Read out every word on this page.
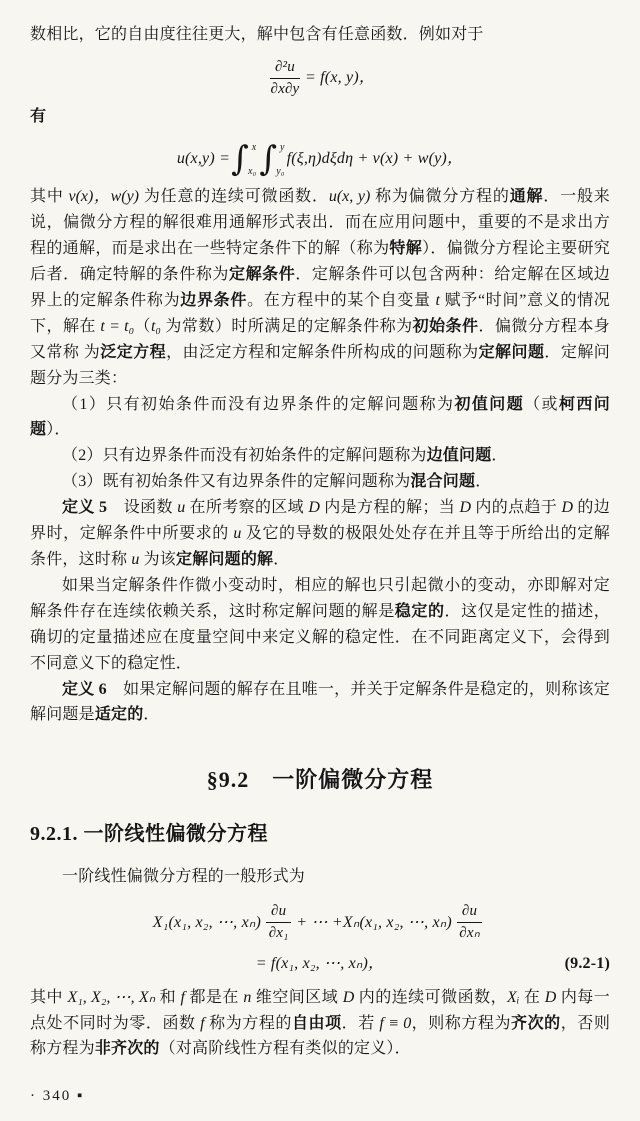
数相比，它的自由度往往更大，解中包含有任意函数．例如对于

$\frac{\text{∂²u}}{\partial x\partial y} = f(x$, y)，

有

u(x,y) = ∫ x
x₀ ∫ y
y₀
f(ξ,η)dξdη + v(x) + w(y)，

其中 v(x)，w(y) 为任意的连续可微函数．u(x, y) 称为偏微分方程的通解．一般来说，偏微分方程的解很难用通解形式表出．而在应用问题中，重要的不是求出方程的通解，而是求出在一些特定条件下的解（称为特解）．偏微分方程论主要研究后者．确定特解的条件称为定解条件．定解条件可以包含两种：给定解在区域边界上的定解条件称为边界条件。在方程中的某个自变量 t 赋予“时间”意义的情况下，解在 t = t₀（t₀ 为常数）时所满足的定解条件称为初始条件．偏微分方程本身又常称 为泛定方程，由泛定方程和定解条件所构成的问题称为定解问题．定解问题分为三类：

（1）只有初始条件而没有边界条件的定解问题称为初值问题（或柯西问题）．

（2）只有边界条件而没有初始条件的定解问题称为边值问题．

（3）既有初始条件又有边界条件的定解问题称为混合问题．

定义 5　设函数 u 在所考察的区域 D 内是方程的解；当 D 内的点趋于 D 的边界时，定解条件中所要求的 u 及它的导数的极限处处存在并且等于所给出的定解条件，这时称 u 为该定解问题的解．

如果当定解条件作微小变动时，相应的解也只引起微小的变动，亦即解对定解条件存在连续依赖关系，这时称定解问题的解是稳定的．这仅是定性的描述，确切的定量描述应在度量空间中来定义解的稳定性．在不同距离定义下，会得到不同意义下的稳定性．

定义 6　如果定解问题的解存在且唯一，并关于定解条件是稳定的，则称该定解问题是适定的．

§9.2　一阶偏微分方程
9.2.1. 一阶线性偏微分方程

一阶线性偏微分方程的一般形式为

X₁(x₁, x₂, ⋯, $x_n) \frac{\partial u}{\text{∂x₁}}$ + ⋯ + Xₙ(x₁, x₂, ⋯, $x_n) \frac{\partial u}{\text{∂xₙ}}$
= f(x₁, x₂, ⋯, xₙ)，	(9.2-1)

其中 X₁, X₂, ⋯, Xₙ 和 f 都是在 n 维空间区域 D 内的连续可微函数，Xᵢ 在 D 内每一点处不同时为零．函数 f 称为方程的自由项．若 f ≡ 0，则称方程为齐次的，否则称方程为非齐次的（对高阶线性方程有类似的定义）．

· 340 ▪
